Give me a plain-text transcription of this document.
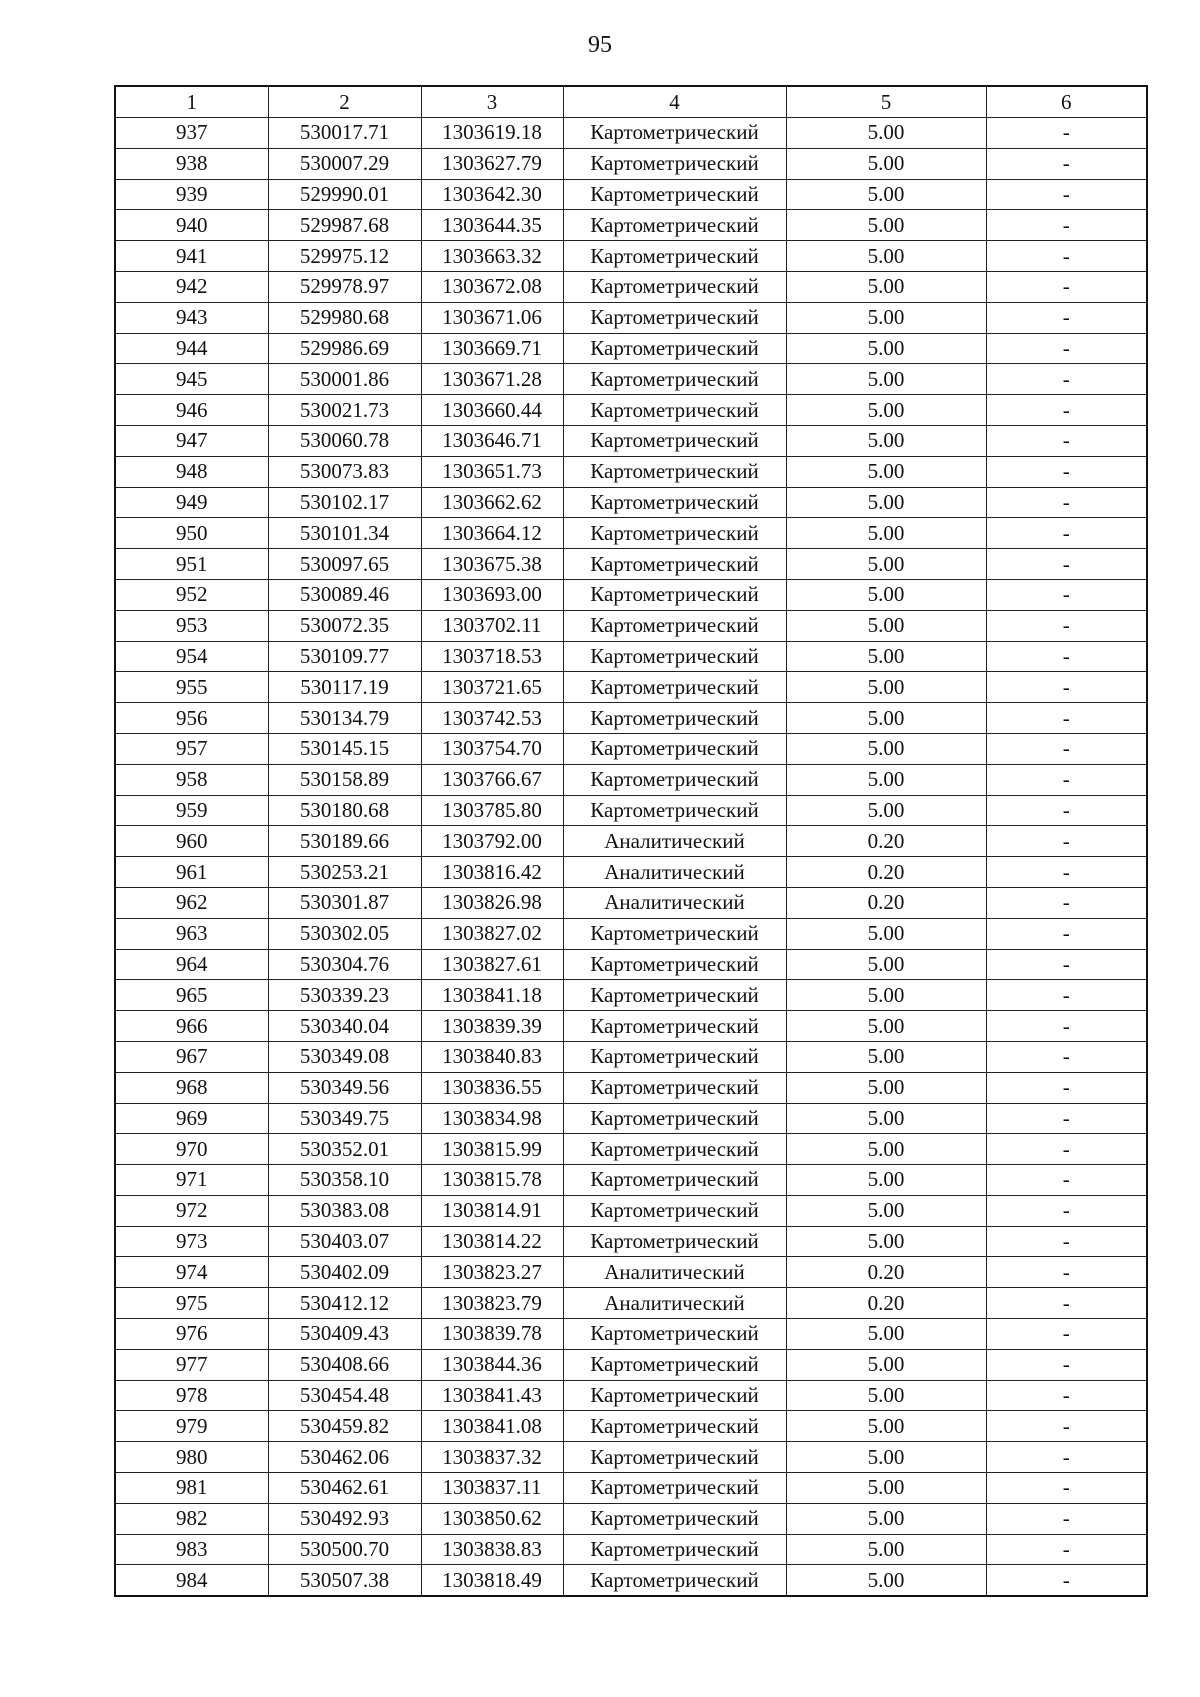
95
1	2	3	4	5	6
937	530017.71	1303619.18	Картометрический	5.00	-
938	530007.29	1303627.79	Картометрический	5.00	-
939	529990.01	1303642.30	Картометрический	5.00	-
940	529987.68	1303644.35	Картометрический	5.00	-
941	529975.12	1303663.32	Картометрический	5.00	-
942	529978.97	1303672.08	Картометрический	5.00	-
943	529980.68	1303671.06	Картометрический	5.00	-
944	529986.69	1303669.71	Картометрический	5.00	-
945	530001.86	1303671.28	Картометрический	5.00	-
946	530021.73	1303660.44	Картометрический	5.00	-
947	530060.78	1303646.71	Картометрический	5.00	-
948	530073.83	1303651.73	Картометрический	5.00	-
949	530102.17	1303662.62	Картометрический	5.00	-
950	530101.34	1303664.12	Картометрический	5.00	-
951	530097.65	1303675.38	Картометрический	5.00	-
952	530089.46	1303693.00	Картометрический	5.00	-
953	530072.35	1303702.11	Картометрический	5.00	-
954	530109.77	1303718.53	Картометрический	5.00	-
955	530117.19	1303721.65	Картометрический	5.00	-
956	530134.79	1303742.53	Картометрический	5.00	-
957	530145.15	1303754.70	Картометрический	5.00	-
958	530158.89	1303766.67	Картометрический	5.00	-
959	530180.68	1303785.80	Картометрический	5.00	-
960	530189.66	1303792.00	Аналитический	0.20	-
961	530253.21	1303816.42	Аналитический	0.20	-
962	530301.87	1303826.98	Аналитический	0.20	-
963	530302.05	1303827.02	Картометрический	5.00	-
964	530304.76	1303827.61	Картометрический	5.00	-
965	530339.23	1303841.18	Картометрический	5.00	-
966	530340.04	1303839.39	Картометрический	5.00	-
967	530349.08	1303840.83	Картометрический	5.00	-
968	530349.56	1303836.55	Картометрический	5.00	-
969	530349.75	1303834.98	Картометрический	5.00	-
970	530352.01	1303815.99	Картометрический	5.00	-
971	530358.10	1303815.78	Картометрический	5.00	-
972	530383.08	1303814.91	Картометрический	5.00	-
973	530403.07	1303814.22	Картометрический	5.00	-
974	530402.09	1303823.27	Аналитический	0.20	-
975	530412.12	1303823.79	Аналитический	0.20	-
976	530409.43	1303839.78	Картометрический	5.00	-
977	530408.66	1303844.36	Картометрический	5.00	-
978	530454.48	1303841.43	Картометрический	5.00	-
979	530459.82	1303841.08	Картометрический	5.00	-
980	530462.06	1303837.32	Картометрический	5.00	-
981	530462.61	1303837.11	Картометрический	5.00	-
982	530492.93	1303850.62	Картометрический	5.00	-
983	530500.70	1303838.83	Картометрический	5.00	-
984	530507.38	1303818.49	Картометрический	5.00	-
